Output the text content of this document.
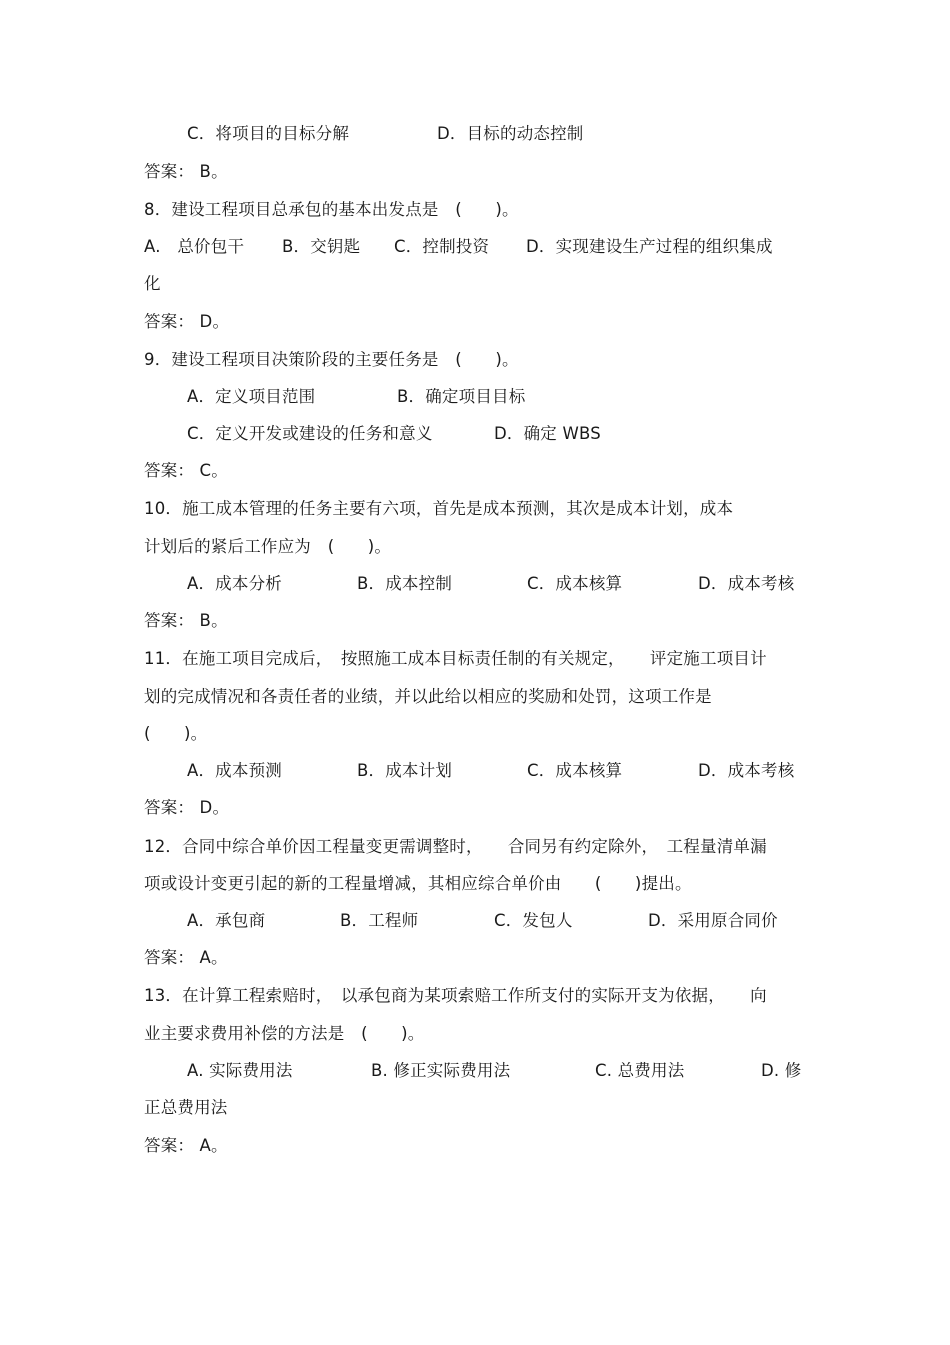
C．将项目的目标分解	D．目标的动态控制
答案： B。
8．建设工程项目总承包的基本出发点是　(　　)。
A.　总价包干 B．交钥匙 C．控制投资 D．实现建设生产过程的组织集成
化
答案： D。
9．建设工程项目决策阶段的主要任务是　(　　)。
A．定义项目范围	B．确定项目目标
C．定义开发或建设的任务和意义	D．确定 WBS
答案： C。
10．施工成本管理的任务主要有六项，首先是成本预测，其次是成本计划，成本
计划后的紧后工作应为　(　　)。
A．成本分析	B．成本控制	C．成本核算	D．成本考核
答案： B。
11．在施工项目完成后，　按照施工成本目标责任制的有关规定，　　评定施工项目计
划的完成情况和各责任者的业绩，并以此给以相应的奖励和处罚，这项工作是
(　　)。
A．成本预测	B．成本计划	C．成本核算	D．成本考核
答案： D。
12．合同中综合单价因工程量变更需调整时，　　合同另有约定除外，　工程量清单漏
项或设计变更引起的新的工程量增减，其相应综合单价由　　(　　)提出。
A．承包商	B．工程师	C．发包人	D．采用原合同价
答案： A。
13．在计算工程索赔时，　以承包商为某项索赔工作所支付的实际开支为依据，　　向
业主要求费用补偿的方法是　(　　)。
A. 实际费用法	B. 修正实际费用法	C. 总费用法	D. 修
正总费用法
答案： A。
